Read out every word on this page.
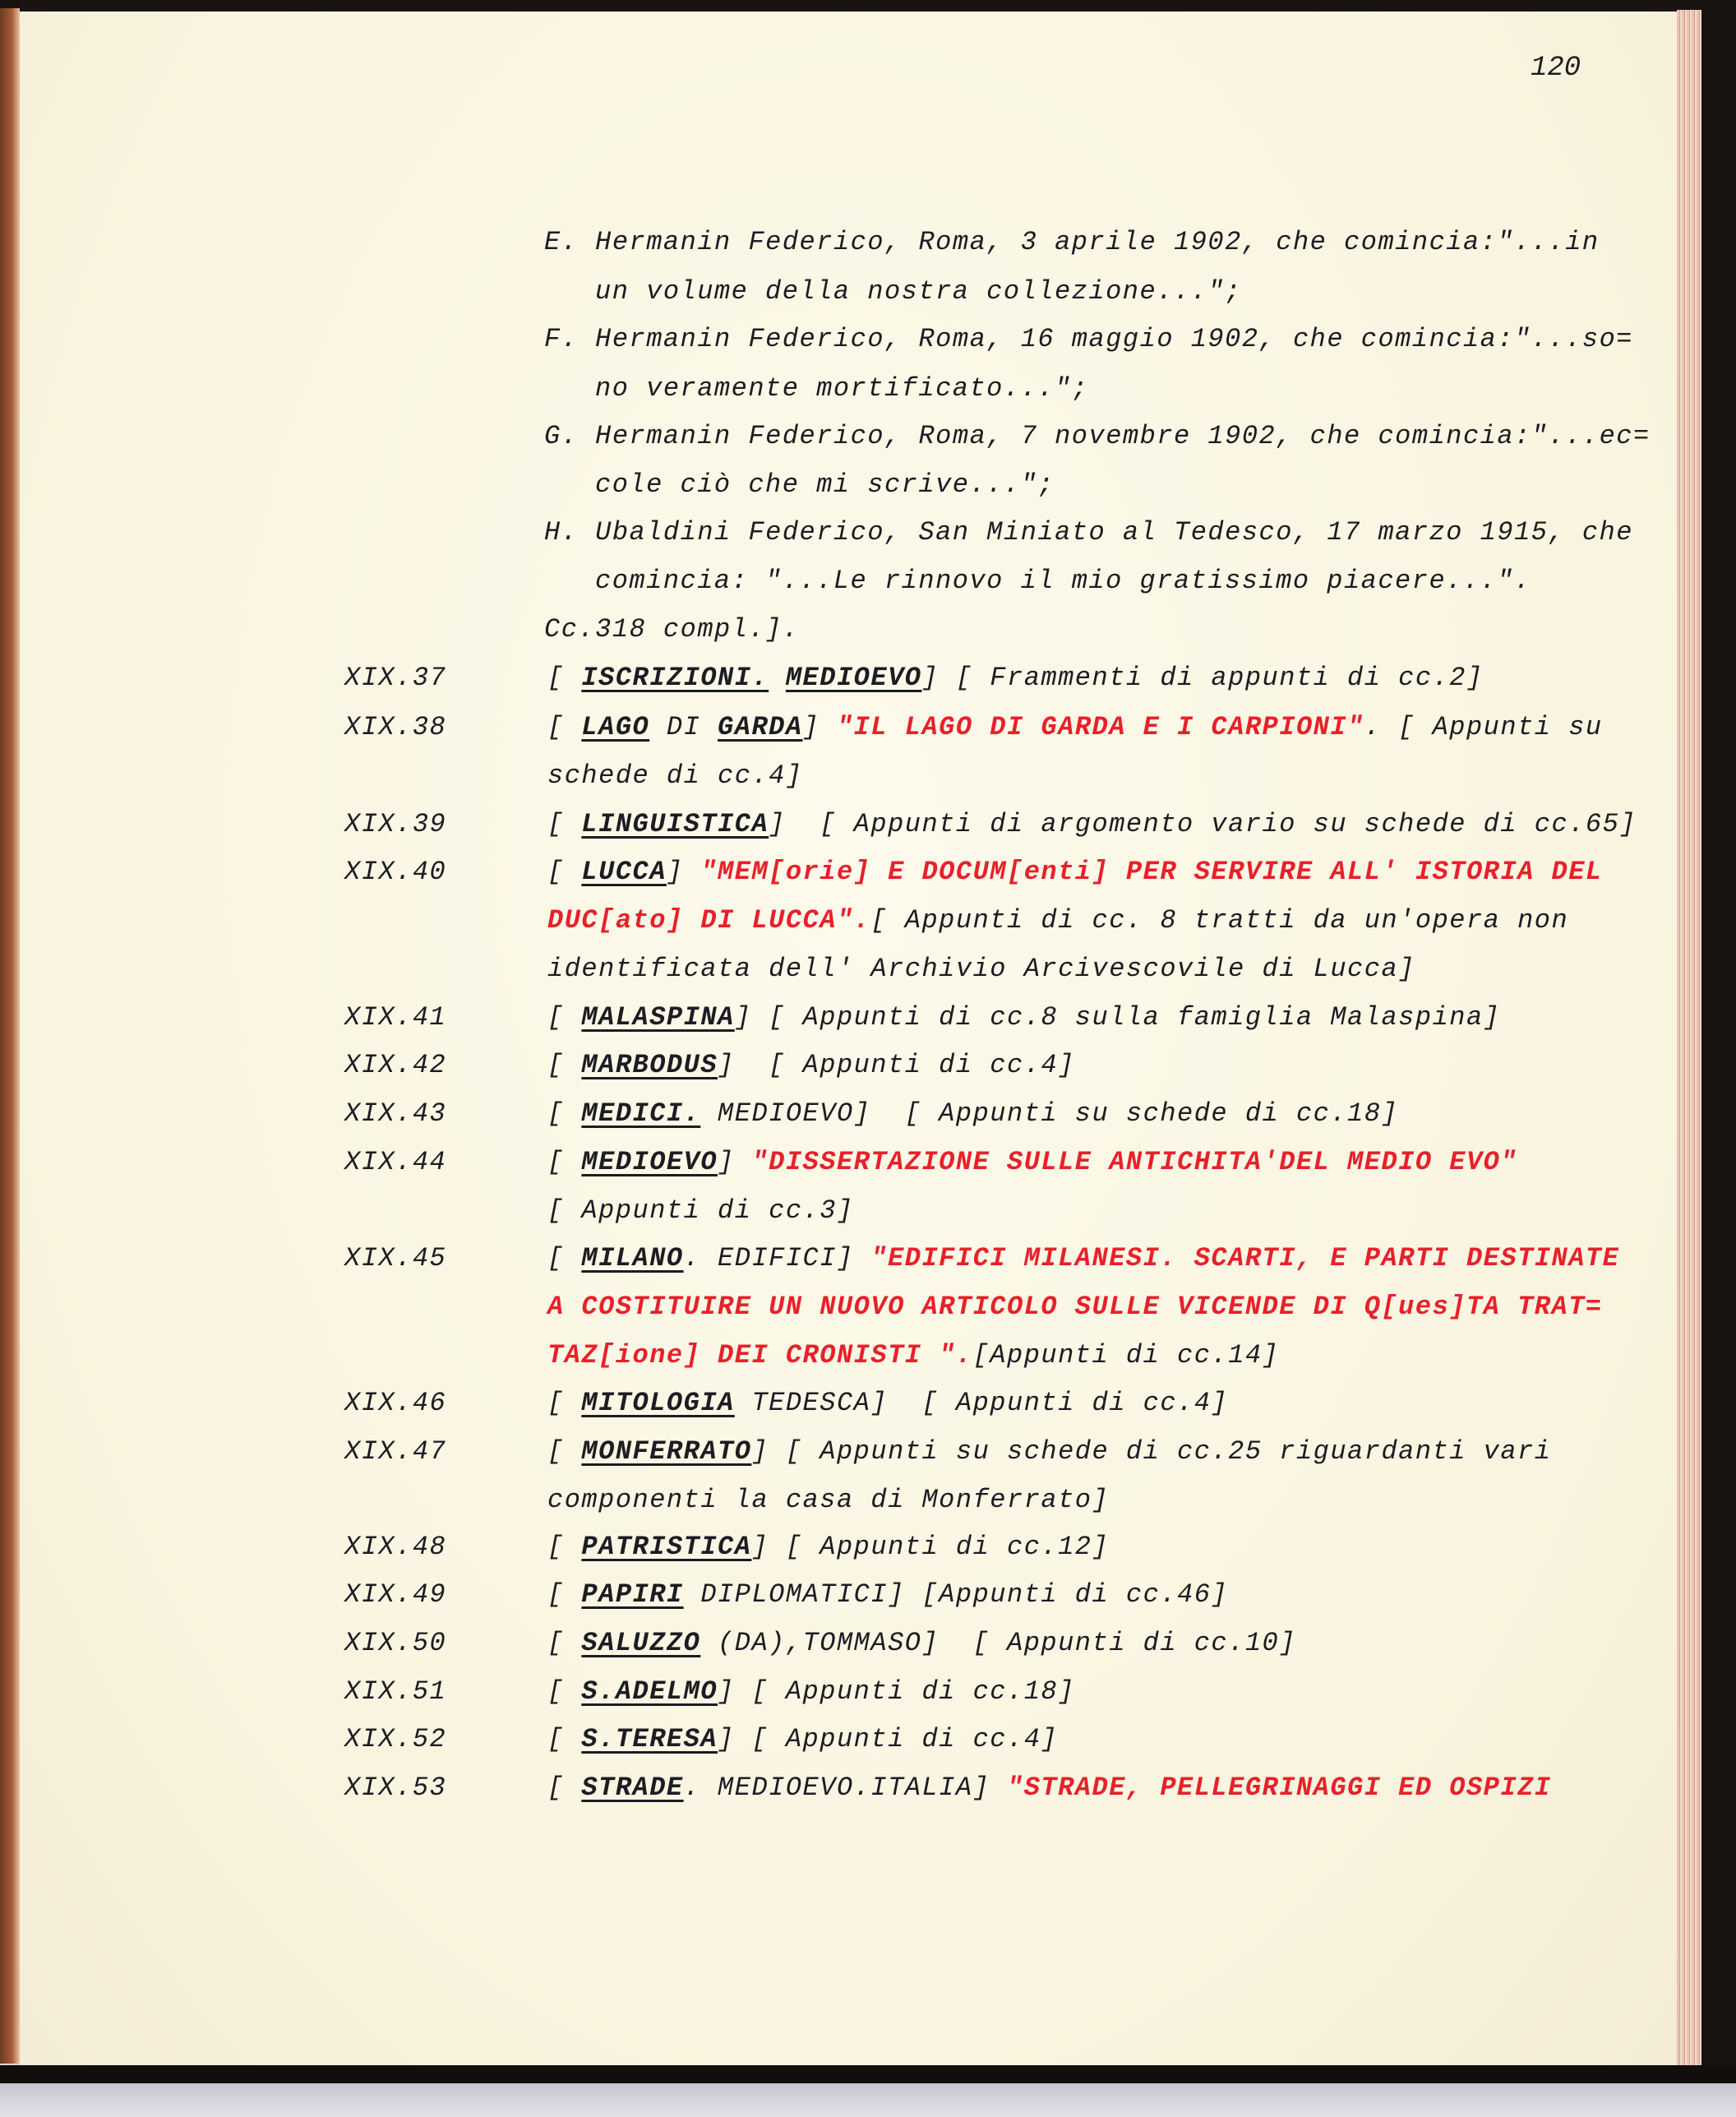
120
E. Hermanin Federico, Roma, 3 aprile 1902, che comincia:"...in
un volume della nostra collezione...";
F. Hermanin Federico, Roma, 16 maggio 1902, che comincia:"...so=
no veramente mortificato...";
G. Hermanin Federico, Roma, 7 novembre 1902, che comincia:"...ec=
cole ciò che mi scrive...";
H. Ubaldini Federico, San Miniato al Tedesco, 17 marzo 1915, che
comincia: "...Le rinnovo il mio gratissimo piacere...".
Cc.318 compl.].
XIX.37	[ ISCRIZIONI. MEDIOEVO] [ Frammenti di appunti di cc.2]
XIX.38	[ LAGO DI GARDA] "IL LAGO DI GARDA E I CARPIONI". [ Appunti su
schede di cc.4]
XIX.39	[ LINGUISTICA]  [ Appunti di argomento vario su schede di cc.65]
XIX.40	[ LUCCA] "MEM[orie] E DOCUM[enti] PER SERVIRE ALL' ISTORIA DEL
DUC[ato] DI LUCCA".[ Appunti di cc. 8 tratti da un'opera non
identificata dell' Archivio Arcivescovile di Lucca]
XIX.41	[ MALASPINA] [ Appunti di cc.8 sulla famiglia Malaspina]
XIX.42	[ MARBODUS]  [ Appunti di cc.4]
XIX.43	[ MEDICI. MEDIOEVO]  [ Appunti su schede di cc.18]
XIX.44	[ MEDIOEVO] "DISSERTAZIONE SULLE ANTICHITA'DEL MEDIO EVO"
[ Appunti di cc.3]
XIX.45	[ MILANO. EDIFICI] "EDIFICI MILANESI. SCARTI, E PARTI DESTINATE
A COSTITUIRE UN NUOVO ARTICOLO SULLE VICENDE DI Q[ues]TA TRAT=
TAZ[ione] DEI CRONISTI ".[Appunti di cc.14]
XIX.46	[ MITOLOGIA TEDESCA]  [ Appunti di cc.4]
XIX.47	[ MONFERRATO] [ Appunti su schede di cc.25 riguardanti vari
componenti la casa di Monferrato]
XIX.48	[ PATRISTICA] [ Appunti di cc.12]
XIX.49	[ PAPIRI DIPLOMATICI] [Appunti di cc.46]
XIX.50	[ SALUZZO (DA),TOMMASO]  [ Appunti di cc.10]
XIX.51	[ S.ADELMO] [ Appunti di cc.18]
XIX.52	[ S.TERESA] [ Appunti di cc.4]
XIX.53	[ STRADE. MEDIOEVO.ITALIA] "STRADE, PELLEGRINAGGI ED OSPIZI
